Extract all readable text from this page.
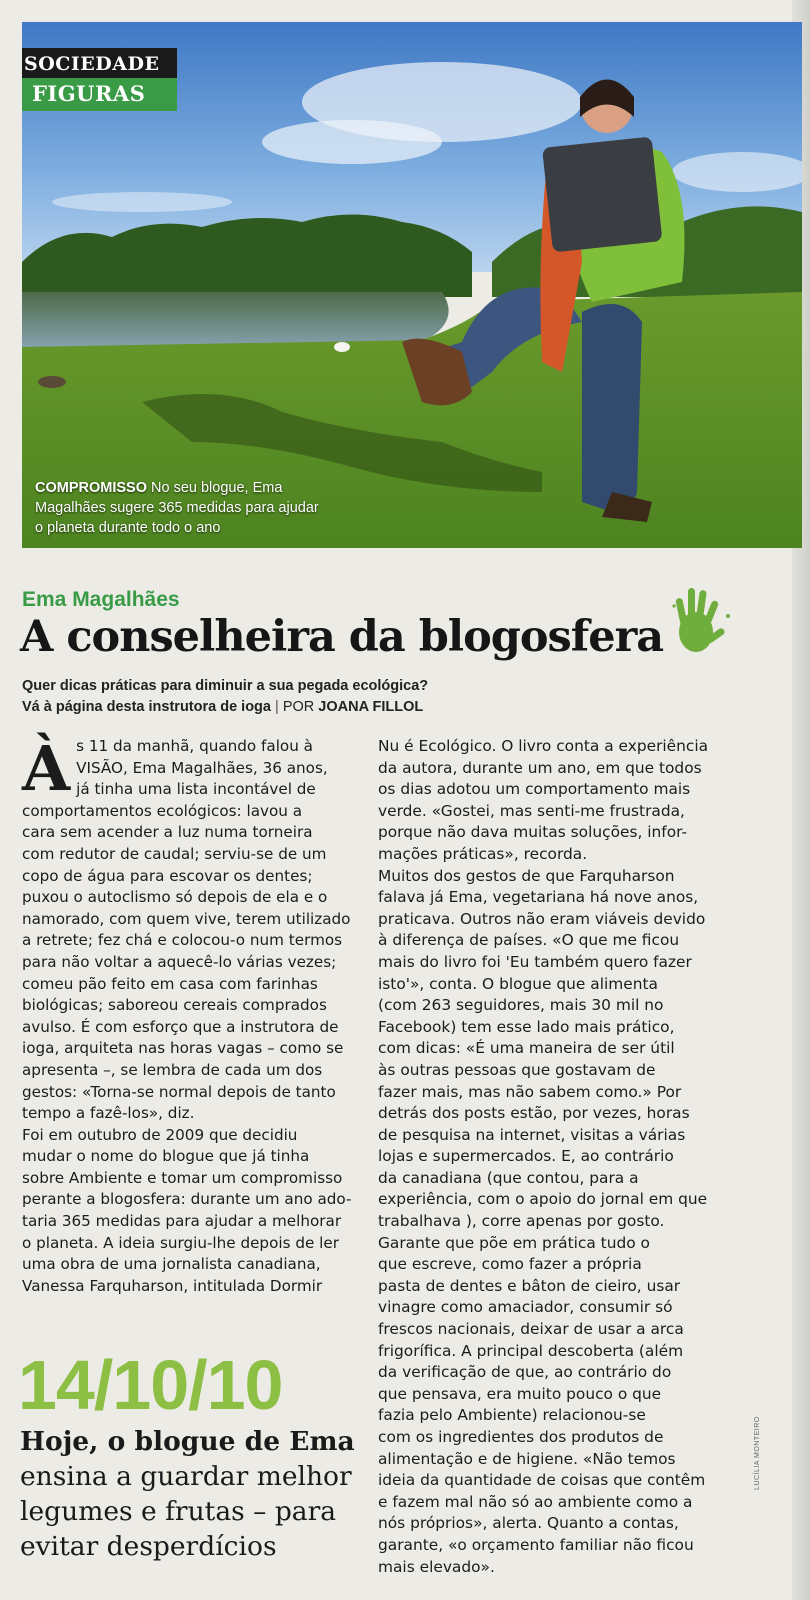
SOCIEDADE
FIGURAS
COMPROMISSO No seu blogue, Ema Magalhães sugere 365 medidas para ajudar o planeta durante todo o ano
Ema Magalhães
A conselheira da blogosfera
Quer dicas práticas para diminuir a sua pegada ecológica?
Vá à página desta instrutora de ioga | POR JOANA FILLOL
À s 11 da manhã, quando falou à
VISÃO, Ema Magalhães, 36 anos,
já tinha uma lista incontável de
comportamentos ecológicos: lavou a
cara sem acender a luz numa torneira
com redutor de caudal; serviu-se de um
copo de água para escovar os dentes;
puxou o autoclismo só depois de ela e o
namorado, com quem vive, terem utilizado
a retrete; fez chá e colocou-o num termos
para não voltar a aquecê-lo várias vezes;
comeu pão feito em casa com farinhas
biológicas; saboreou cereais comprados
avulso. É com esforço que a instrutora de
ioga, arquiteta nas horas vagas – como se
apresenta –, se lembra de cada um dos
gestos: «Torna-se normal depois de tanto
tempo a fazê-los», diz.
Foi em outubro de 2009 que decidiu
mudar o nome do blogue que já tinha
sobre Ambiente e tomar um compromisso
perante a blogosfera: durante um ano ado-
taria 365 medidas para ajudar a melhorar
o planeta. A ideia surgiu-lhe depois de ler
uma obra de uma jornalista canadiana,
Vanessa Farquharson, intitulada Dormir
Nu é Ecológico. O livro conta a experiência
da autora, durante um ano, em que todos
os dias adotou um comportamento mais
verde. «Gostei, mas senti-me frustrada,
porque não dava muitas soluções, infor-
mações práticas», recorda.
Muitos dos gestos de que Farquharson
falava já Ema, vegetariana há nove anos,
praticava. Outros não eram viáveis devido
à diferença de países. «O que me ficou
mais do livro foi 'Eu também quero fazer
isto'», conta. O blogue que alimenta
(com 263 seguidores, mais 30 mil no
Facebook) tem esse lado mais prático,
com dicas: «É uma maneira de ser útil
às outras pessoas que gostavam de
fazer mais, mas não sabem como.» Por
detrás dos posts estão, por vezes, horas
de pesquisa na internet, visitas a várias
lojas e supermercados. E, ao contrário
da canadiana (que contou, para a
experiência, com o apoio do jornal em que
trabalhava ), corre apenas por gosto.
Garante que põe em prática tudo o
que escreve, como fazer a própria
pasta de dentes e bâton de cieiro, usar
vinagre como amaciador, consumir só
frescos nacionais, deixar de usar a arca
frigorífica. A principal descoberta (além
da verificação de que, ao contrário do
que pensava, era muito pouco o que
fazia pelo Ambiente) relacionou-se
com os ingredientes dos produtos de
alimentação e de higiene. «Não temos
ideia da quantidade de coisas que contêm
e fazem mal não só ao ambiente como a
nós próprios», alerta. Quanto a contas,
garante, «o orçamento familiar não ficou
mais elevado».
14/10/10
Hoje, o blogue de Ema
ensina a guardar melhor
legumes e frutas – para
evitar desperdícios
LUCÍLIA MONTEIRO
